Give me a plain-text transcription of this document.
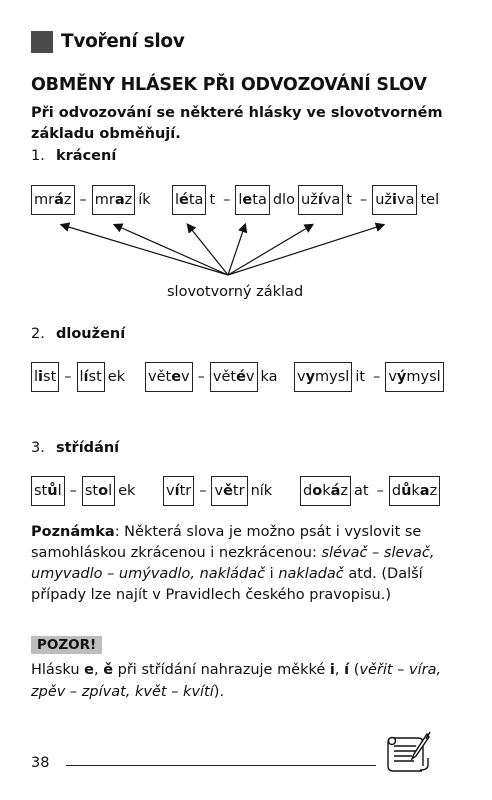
Tvoření slov
OBMĚNY HLÁSEK PŘI ODVOZOVÁNÍ SLOV
Při odvozování se některé hlásky ve slovotvorném základu obměňují.
1. krácení
mráz – mraz ík léta t – leta dlo užíva t – uživa tel
slovotvorný základ
2. dloužení
list – líst ek větev – větév ka vymysl it – výmysl
3. střídání
stůl – stol ek vítr – větr ník dokáz at – důkaz
Poznámka: Některá slova je možno psát i vyslovit se samohláskou zkrácenou i nezkrácenou: slévač – slevač, umyvadlo – umývadlo, nakládač i nakladač atd. (Další případy lze najít v Pravidlech českého pravopisu.)
POZOR!
Hlásku e, ě při střídání nahrazuje měkké i, í (věřit – víra, zpěv – zpívat, květ – kvítí).
38
